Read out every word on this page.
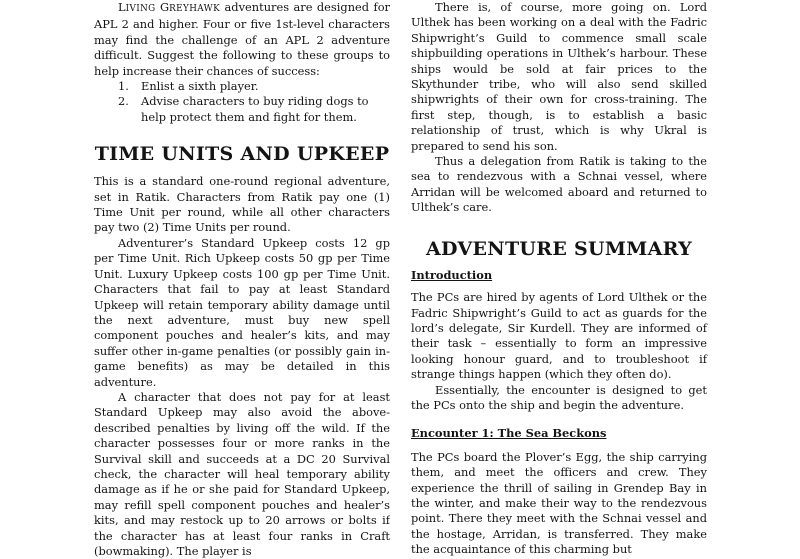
LIVING GREYHAWK adventures are designed for APL 2 and higher. Four or five 1st-level characters may find the challenge of an APL 2 adventure difficult. Suggest the following to these groups to help increase their chances of success:

1. Enlist a sixth player.
2. Advise characters to buy riding dogs to help protect them and fight for them.
TIME UNITS AND UPKEEP

This is a standard one-round regional adventure, set in Ratik. Characters from Ratik pay one (1) Time Unit per round, while all other characters pay two (2) Time Units per round.

Adventurer’s Standard Upkeep costs 12 gp per Time Unit. Rich Upkeep costs 50 gp per Time Unit. Luxury Upkeep costs 100 gp per Time Unit. Characters that fail to pay at least Standard Upkeep will retain temporary ability damage until the next adventure, must buy new spell component pouches and healer’s kits, and may suffer other in-game penalties (or possibly gain in-game benefits) as may be detailed in this adventure.

A character that does not pay for at least Standard Upkeep may also avoid the above-described penalties by living off the wild. If the character possesses four or more ranks in the Survival skill and succeeds at a DC 20 Survival check, the character will heal temporary ability damage as if he or she paid for Standard Upkeep, may refill spell component pouches and healer’s kits, and may restock up to 20 arrows or bolts if the character has at least four ranks in Craft (bowmaking). The player is

There is, of course, more going on. Lord Ulthek has been working on a deal with the Fadric Shipwright’s Guild to commence small scale shipbuilding operations in Ulthek’s harbour. These ships would be sold at fair prices to the Skythunder tribe, who will also send skilled shipwrights of their own for cross-training. The first step, though, is to establish a basic relationship of trust, which is why Ukral is prepared to send his son.

Thus a delegation from Ratik is taking to the sea to rendezvous with a Schnai vessel, where Arridan will be welcomed aboard and returned to Ulthek’s care.

ADVENTURE SUMMARY
Introduction

The PCs are hired by agents of Lord Ulthek or the Fadric Shipwright’s Guild to act as guards for the lord’s delegate, Sir Kurdell. They are informed of their task – essentially to form an impressive looking honour guard, and to troubleshoot if strange things happen (which they often do).

Essentially, the encounter is designed to get the PCs onto the ship and begin the adventure.

Encounter 1: The Sea Beckons

The PCs board the Plover’s Egg, the ship carrying them, and meet the officers and crew. They experience the thrill of sailing in Grendep Bay in the winter, and make their way to the rendezvous point. There they meet with the Schnai vessel and the hostage, Arridan, is transferred. They make the acquaintance of this charming but
